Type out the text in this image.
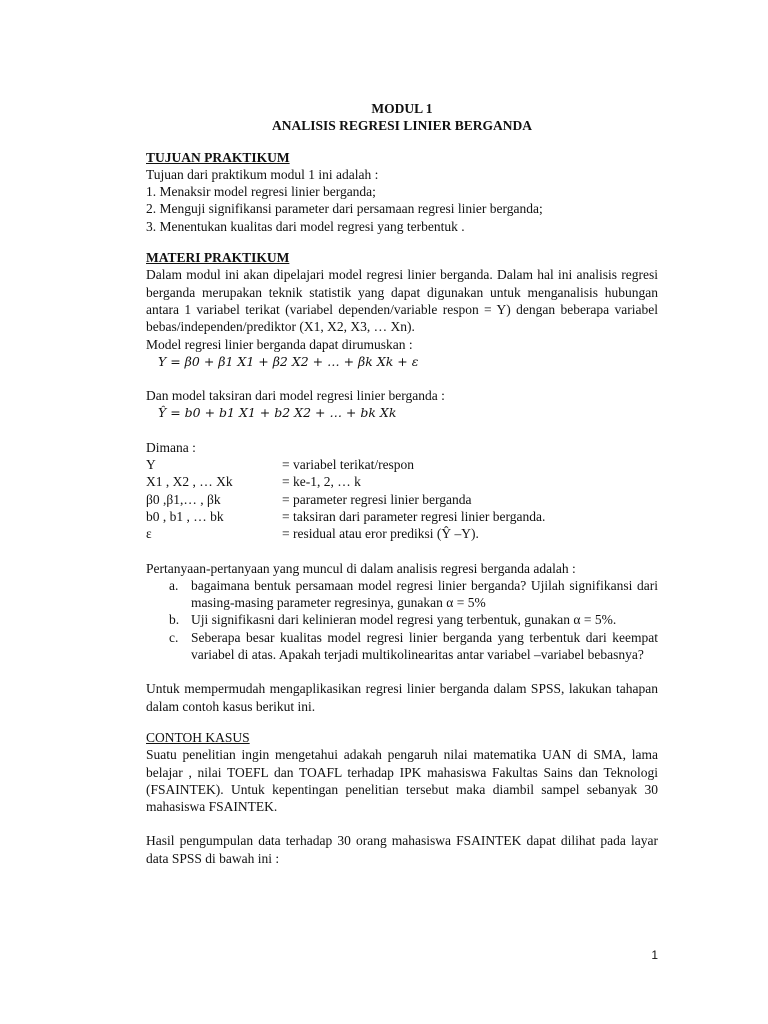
MODUL 1
ANALISIS REGRESI LINIER BERGANDA
TUJUAN PRAKTIKUM
Tujuan dari praktikum modul 1 ini adalah :
1. Menaksir model regresi linier berganda;
2. Menguji signifikansi parameter dari persamaan regresi linier berganda;
3. Menentukan kualitas dari model regresi yang terbentuk .
MATERI PRAKTIKUM
Dalam modul ini akan dipelajari model regresi linier berganda. Dalam hal ini analisis regresi berganda merupakan teknik statistik yang dapat digunakan untuk menganalisis hubungan antara 1 variabel terikat (variabel dependen/variable respon = Y) dengan beberapa variabel bebas/independen/prediktor (X1, X2, X3, … Xn).
Model regresi linier berganda dapat dirumuskan :
Y = β0 + β1 X1 + β2 X2 + … + βk Xk + ε
Dan model taksiran dari model regresi linier berganda :
Ŷ = b0 + b1 X1 + b2 X2 + … + bk Xk
Dimana :
Y	= variabel terikat/respon
X1 , X2 , … Xk	= ke-1, 2, … k
β0 ,β1,… , βk	= parameter regresi linier berganda
b0 , b1 , … bk	= taksiran dari parameter regresi linier berganda.
ε	= residual atau eror prediksi (Ŷ –Y).
Pertanyaan-pertanyaan yang muncul di dalam analisis regresi berganda adalah :
a. bagaimana bentuk persamaan model regresi linier berganda? Ujilah signifikansi dari masing-masing parameter regresinya, gunakan α = 5%
b. Uji signifikasni dari kelinieran model regresi yang terbentuk, gunakan α = 5%.
c. Seberapa besar kualitas model regresi linier berganda yang terbentuk dari keempat variabel di atas. Apakah terjadi multikolinearitas antar variabel –variabel bebasnya?
Untuk mempermudah mengaplikasikan regresi linier berganda dalam SPSS, lakukan tahapan dalam contoh kasus berikut ini.
CONTOH KASUS
Suatu penelitian ingin mengetahui adakah pengaruh nilai matematika UAN di SMA, lama belajar , nilai TOEFL dan TOAFL terhadap IPK mahasiswa Fakultas Sains dan Teknologi (FSAINTEK). Untuk kepentingan penelitian tersebut maka diambil sampel sebanyak 30 mahasiswa FSAINTEK.
Hasil pengumpulan data terhadap 30 orang mahasiswa FSAINTEK dapat dilihat pada layar data SPSS di bawah ini :
1
